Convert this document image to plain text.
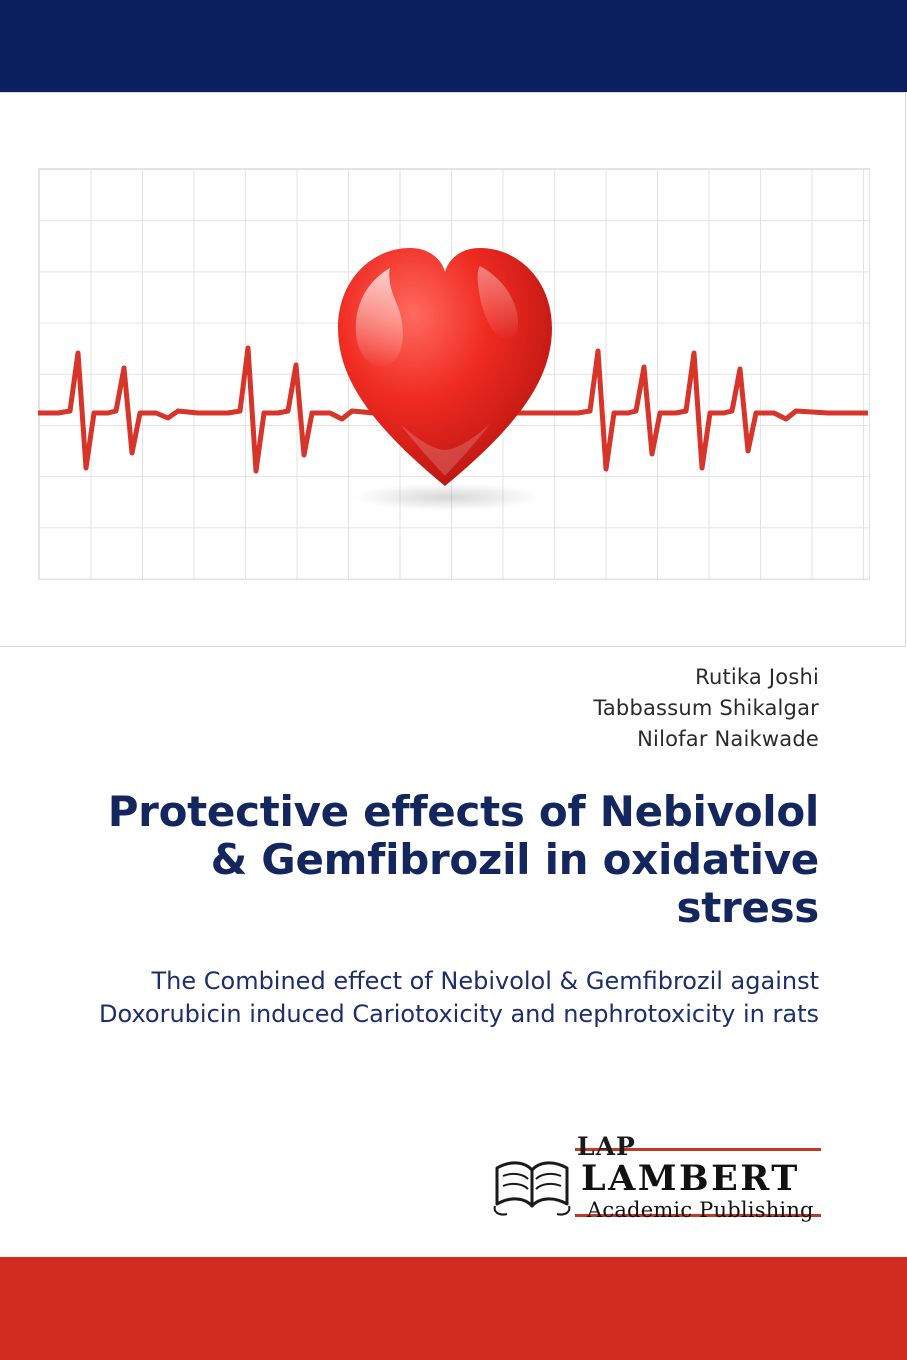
Rutika Joshi
Tabbassum Shikalgar
Nilofar Naikwade
Protective effects of Nebivolol & Gemfibrozil in oxidative stress
The Combined effect of Nebivolol & Gemfibrozil against Doxorubicin induced Cariotoxicity and nephrotoxicity in rats
LAP
LAMBERT
Academic Publishing
